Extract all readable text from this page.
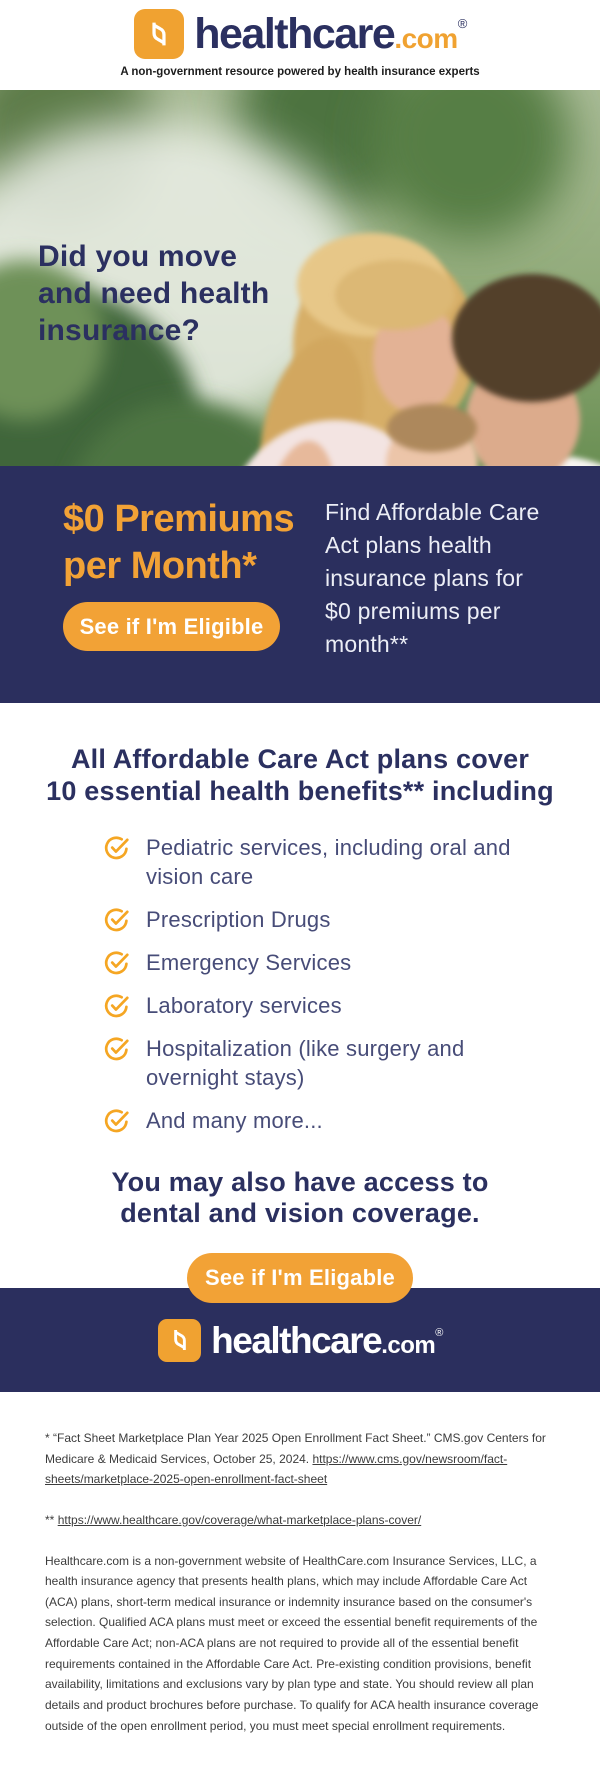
healthcare.com®
A non-government resource powered by health insurance experts
Did you move
and need health
insurance?
$0 Premiums
per Month*
See if I'm Eligible
Find Affordable Care Act plans health insurance plans for $0 premiums per month**
All Affordable Care Act plans cover
10 essential health benefits** including
Pediatric services, including oral and vision care
Prescription Drugs
Emergency Services
Laboratory services
Hospitalization (like surgery and overnight stays)
And many more...
You may also have access to dental and vision coverage.
See if I'm Eligable
healthcare.com®

* “Fact Sheet Marketplace Plan Year 2025 Open Enrollment Fact Sheet.” CMS.gov Centers for Medicare & Medicaid Services, October 25, 2024. https://www.cms.gov/newsroom/fact-sheets/marketplace-2025-open-enrollment-fact-sheet

** https://www.healthcare.gov/coverage/what-marketplace-plans-cover/

Healthcare.com is a non-government website of HealthCare.com Insurance Services, LLC, a health insurance agency that presents health plans, which may include Affordable Care Act (ACA) plans, short-term medical insurance or indemnity insurance based on the consumer's selection. Qualified ACA plans must meet or exceed the essential benefit requirements of the Affordable Care Act; non-ACA plans are not required to provide all of the essential benefit requirements contained in the Affordable Care Act. Pre-existing condition provisions, benefit availability, limitations and exclusions vary by plan type and state. You should review all plan details and product brochures before purchase. To qualify for ACA health insurance coverage outside of the open enrollment period, you must meet special enrollment requirements.
